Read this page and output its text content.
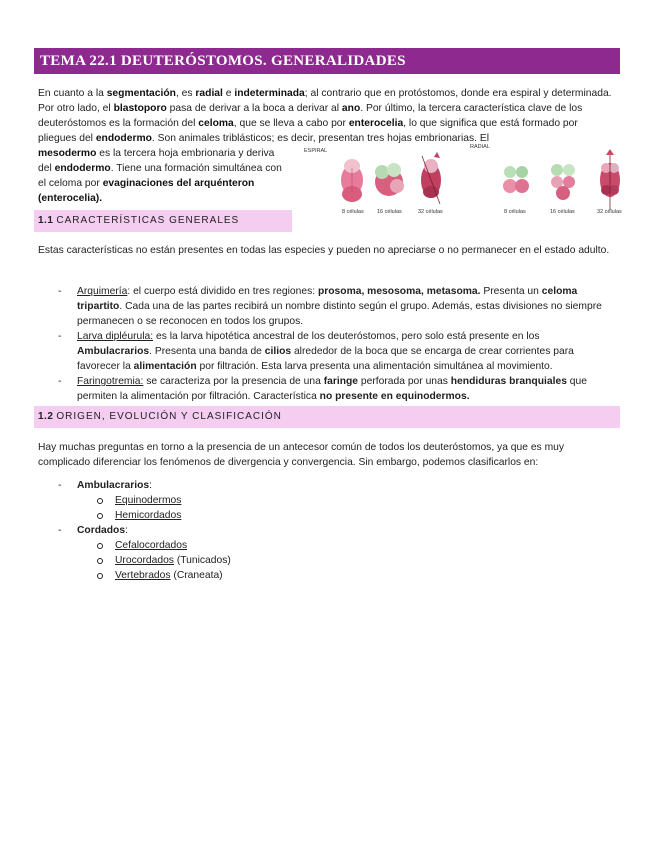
TEMA 22.1 DEUTERÓSTOMOS. GENERALIDADES
En cuanto a la segmentación, es radial e indeterminada; al contrario que en protóstomos, donde era espiral y determinada. Por otro lado, el blastoporo pasa de derivar a la boca a derivar al ano. Por último, la tercera característica clave de los deuteróstomos es la formación del celoma, que se lleva a cabo por enterocelia, lo que significa que está formado por pliegues del endodermo. Son animales triblásticos; es decir, presentan tres hojas embrionarias. El
mesodermo es la tercera hoja embrionaria y deriva del endodermo. Tiene una formación simultánea con el celoma por evaginaciones del arquénteron (enterocelia).
ESPIRAL
RADIAL
8 células 16 células	32 células	8 células	16 células	32 células
1.1 CARACTERÍSTICAS GENERALES
Estas características no están presentes en todas las especies y pueden no apreciarse o no permanecer en el estado adulto.
- Arquimería: el cuerpo está dividido en tres regiones: prosoma, mesosoma, metasoma. Presenta un celoma tripartito. Cada una de las partes recibirá un nombre distinto según el grupo. Además, estas divisiones no siempre permanecen o se reconocen en todos los grupos.
- Larva dipléurula: es la larva hipotética ancestral de los deuteróstomos, pero solo está presente en los Ambulacrarios. Presenta una banda de cilios alrededor de la boca que se encarga de crear corrientes para favorecer la alimentación por filtración. Esta larva presenta una alimentación simultánea al movimiento.
- Faringotremia: se caracteriza por la presencia de una faringe perforada por unas hendiduras branquiales que permiten la alimentación por filtración. Característica no presente en equinodermos.
1.2 ORIGEN, EVOLUCIÓN Y CLASIFICACIÓN
Hay muchas preguntas en torno a la presencia de un antecesor común de todos los deuteróstomos, ya que es muy complicado diferenciar los fenómenos de divergencia y convergencia. Sin embargo, podemos clasificarlos en:
- Ambulacrarios:
Equinodermos
Hemicordados
- Cordados:
Cefalocordados
Urocordados (Tunicados)
Vertebrados (Craneata)
